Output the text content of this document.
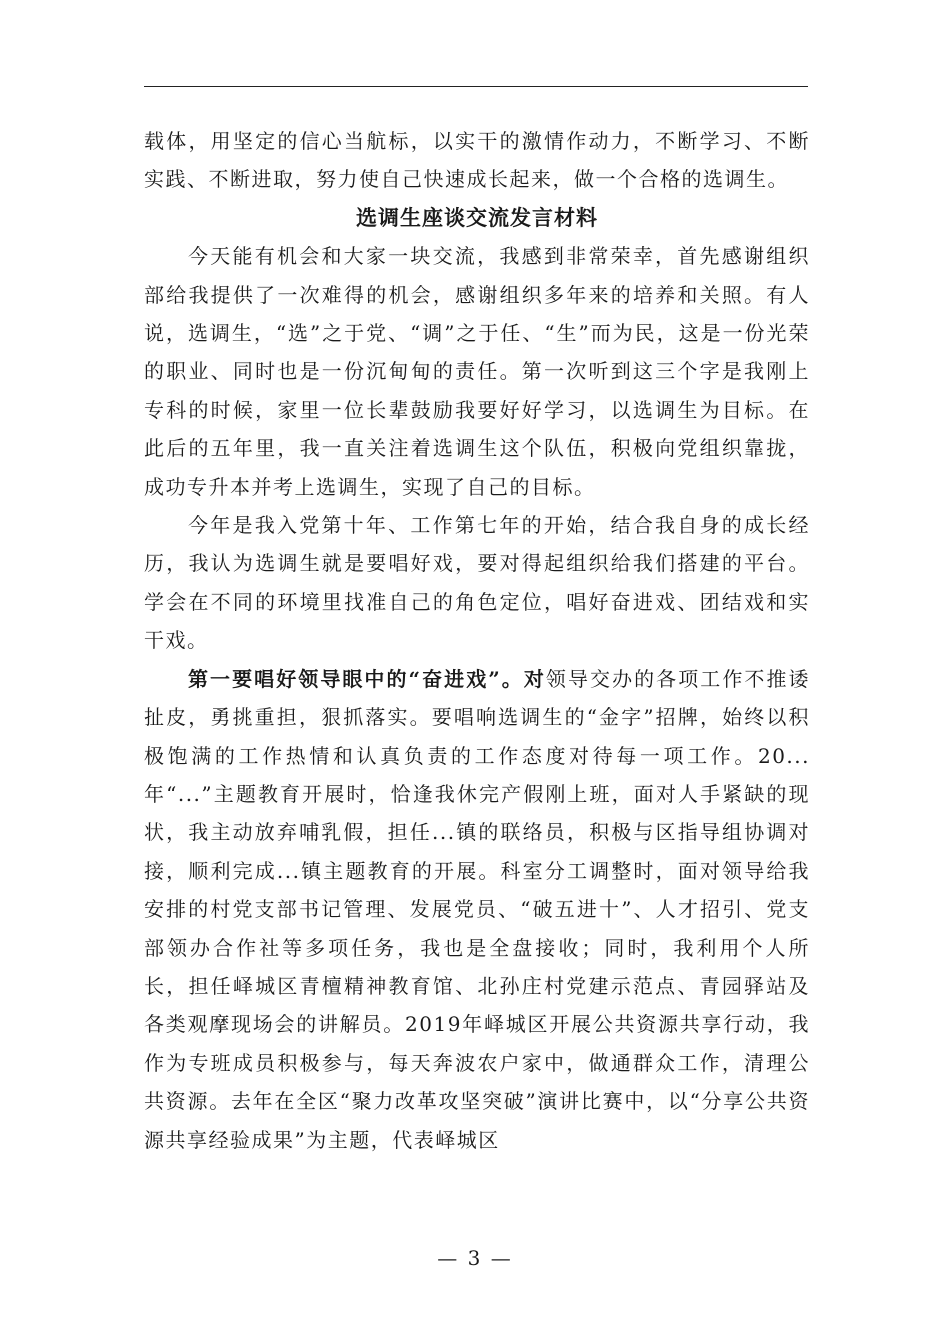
载体，用坚定的信心当航标，以实干的激情作动力，不断学习、不断实践、不断进取，努力使自己快速成长起来，做一个合格的选调生。

选调生座谈交流发言材料

今天能有机会和大家一块交流，我感到非常荣幸，首先感谢组织部给我提供了一次难得的机会，感谢组织多年来的培养和关照。有人说，选调生，“选”之于党、“调”之于任、“生”而为民，这是一份光荣的职业、同时也是一份沉甸甸的责任。第一次听到这三个字是我刚上专科的时候，家里一位长辈鼓励我要好好学习，以选调生为目标。在此后的五年里，我一直关注着选调生这个队伍，积极向党组织靠拢，成功专升本并考上选调生，实现了自己的目标。

今年是我入党第十年、工作第七年的开始，结合我自身的成长经历，我认为选调生就是要唱好戏，要对得起组织给我们搭建的平台。学会在不同的环境里找准自己的角色定位，唱好奋进戏、团结戏和实干戏。

第一要唱好领导眼中的“奋进戏”。对领导交办的各项工作不推诿扯皮，勇挑重担，狠抓落实。要唱响选调生的“金字”招牌，始终以积极饱满的工作热情和认真负责的工作态度对待每一项工作。20...年“...”主题教育开展时，恰逢我休完产假刚上班，面对人手紧缺的现状，我主动放弃哺乳假，担任...镇的联络员，积极与区指导组协调对接，顺利完成...镇主题教育的开展。科室分工调整时，面对领导给我安排的村党支部书记管理、发展党员、“破五进十”、人才招引、党支部领办合作社等多项任务，我也是全盘接收；同时，我利用个人所长，担任峄城区青檀精神教育馆、北孙庄村党建示范点、青园驿站及各类观摩现场会的讲解员。2019年峄城区开展公共资源共享行动，我作为专班成员积极参与，每天奔波农户家中，做通群众工作，清理公共资源。去年在全区“聚力改革攻坚突破”演讲比赛中，以“分享公共资源共享经验成果”为主题，代表峄城区

— 3 —
